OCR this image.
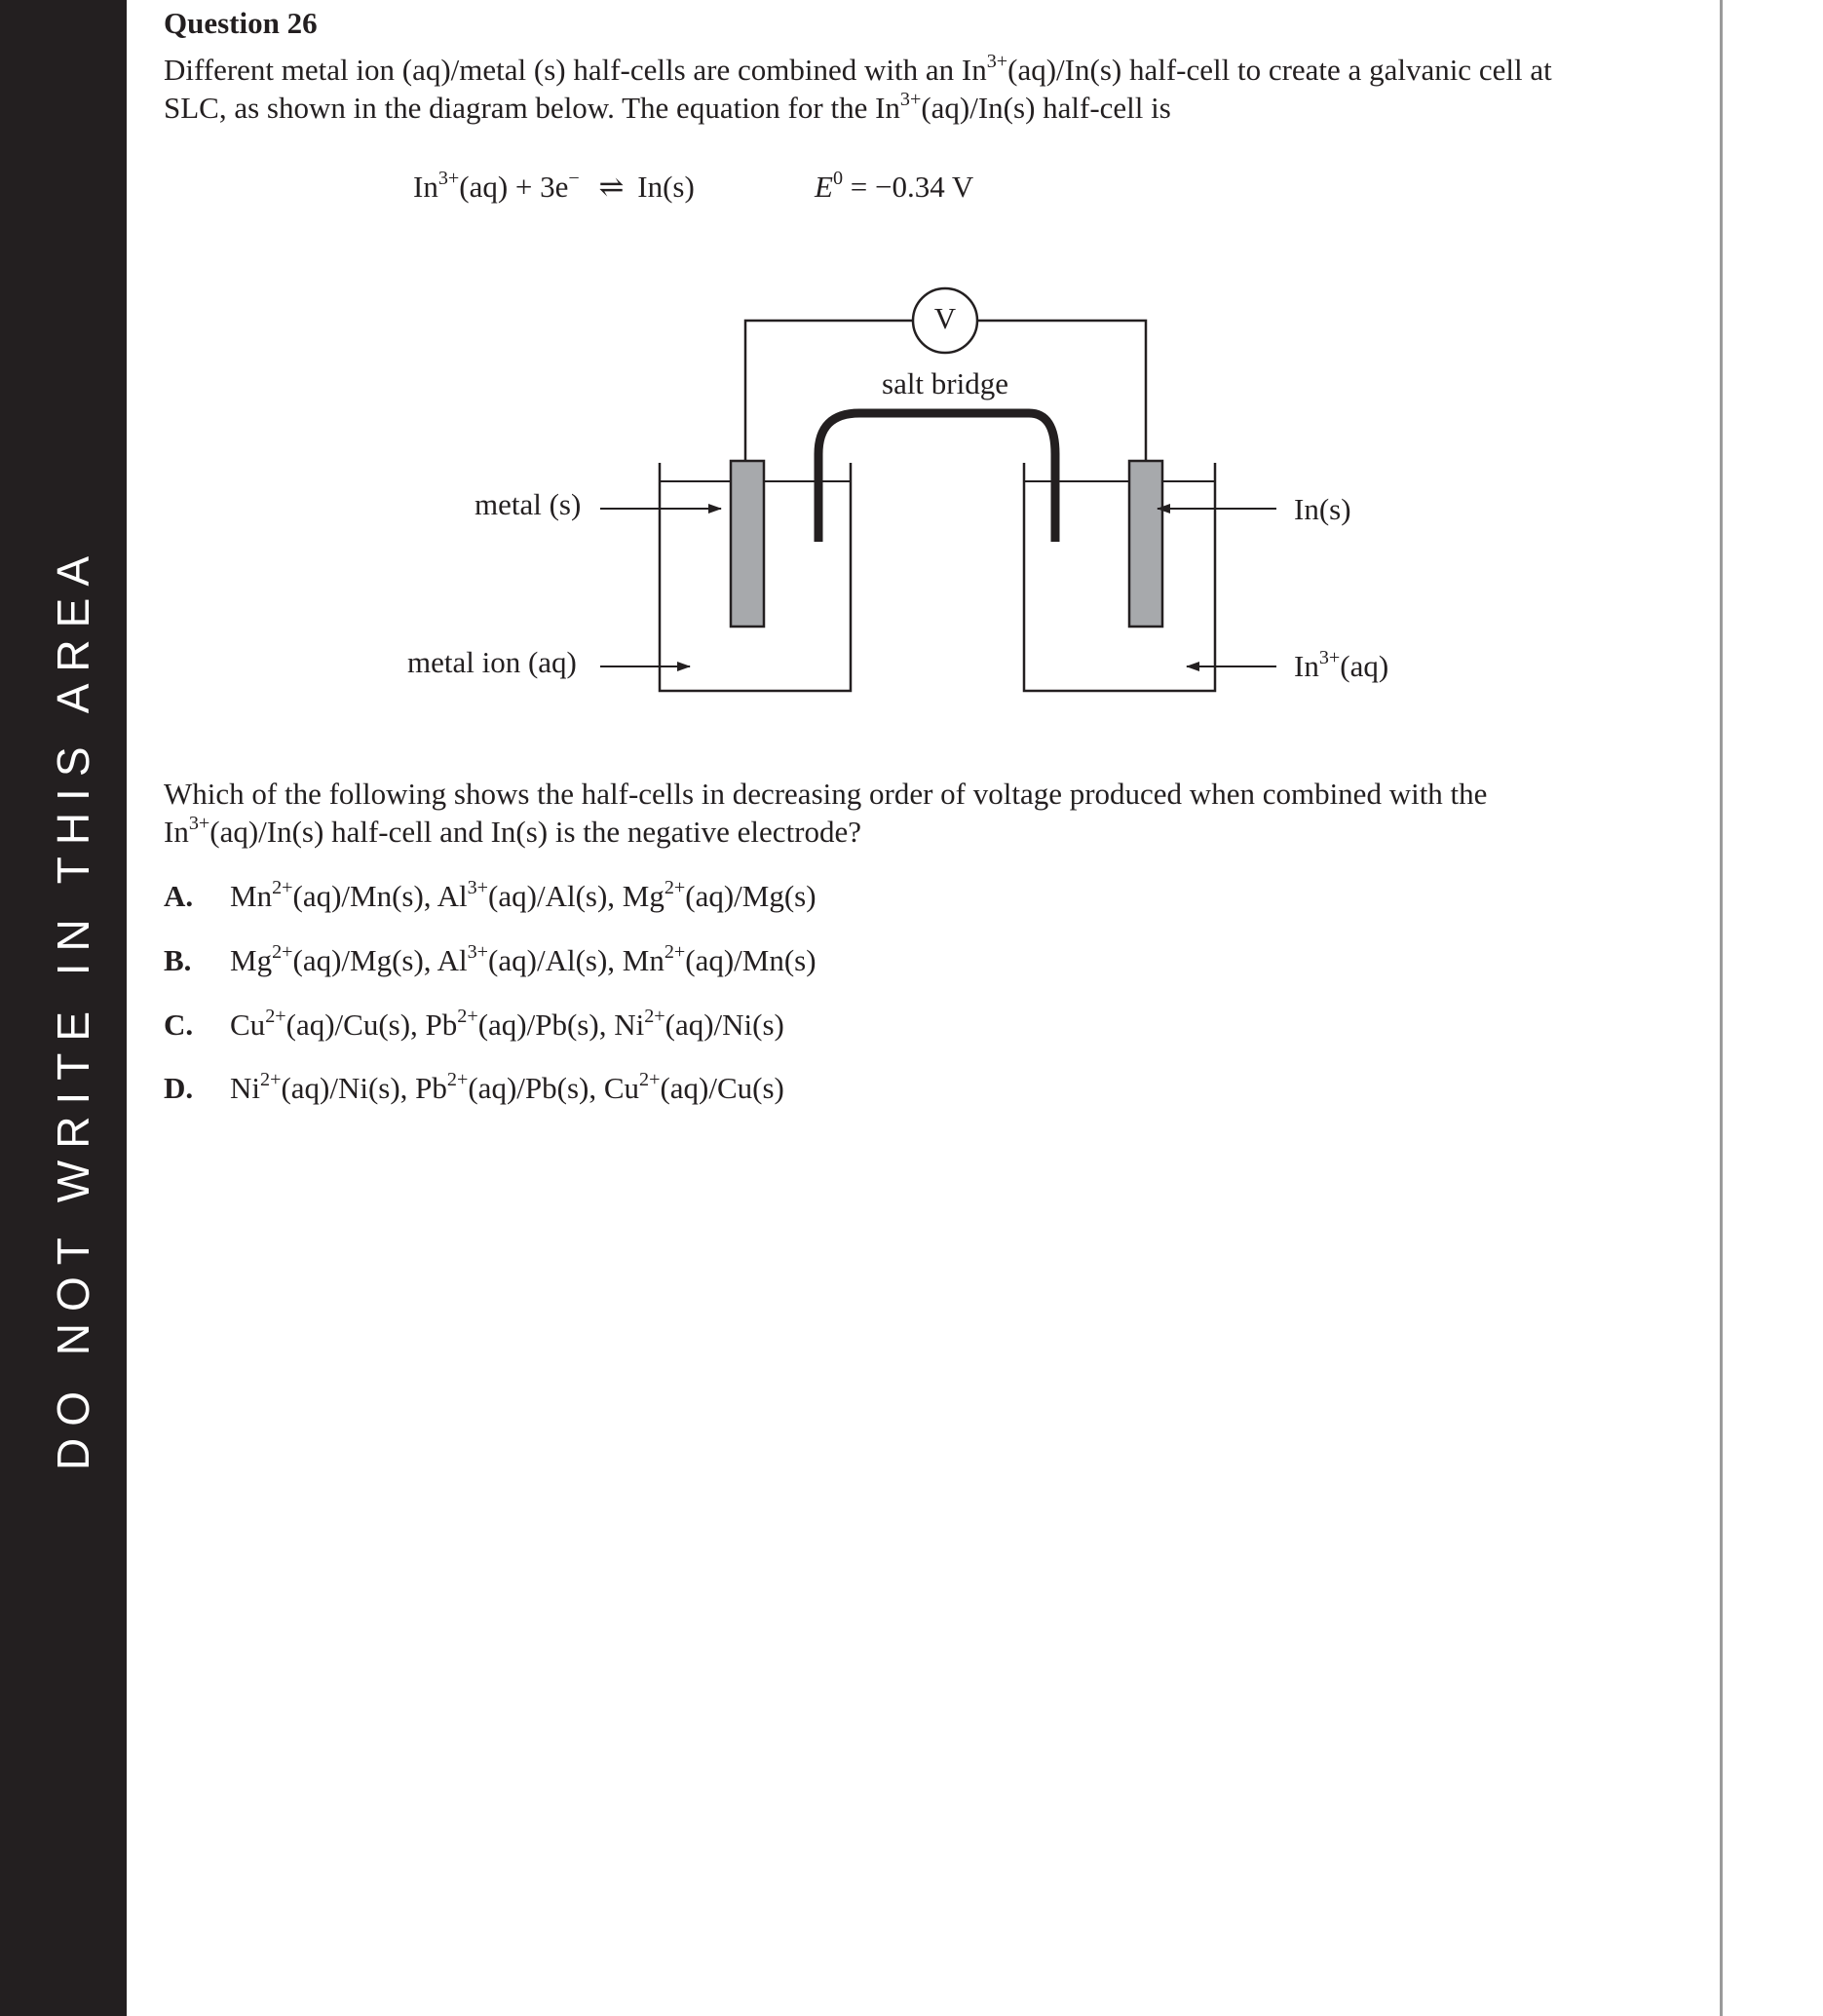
DO NOT WRITE IN THIS AREA
Question 26
Different metal ion (aq)/metal (s) half-cells are combined with an $In^{3+}(aq)/In(s)$ half-cell to create a galvanic cell at
SLC, as shown in the diagram below. The equation for the $In^{3+}(aq)/In(s)$ half-cell is
$In^{3+}(aq) + 3e^-$ ⇌ In(s)	$E^0 = -0.34$ V
V
salt bridge
metal (s)
metal ion (aq)
In(s)
$In^{3+}(aq)$
Which of the following shows the half-cells in decreasing order of voltage produced when combined with the
$In^{3+}(aq)/In(s)$ half-cell and In(s) is the negative electrode?
A. $Mn^{2+}(aq)/Mn(s)$, $Al^{3+}(aq)/Al(s)$, $Mg^{2+}(aq)/Mg(s)$
B. $Mg^{2+}(aq)/Mg(s)$, $Al^{3+}(aq)/Al(s)$, $Mn^{2+}(aq)/Mn(s)$
C. $Cu^{2+}(aq)/Cu(s)$, $Pb^{2+}(aq)/Pb(s)$, $Ni^{2+}(aq)/Ni(s)$
D. $Ni^{2+}(aq)/Ni(s)$, $Pb^{2+}(aq)/Pb(s)$, $Cu^{2+}(aq)/Cu(s)$
